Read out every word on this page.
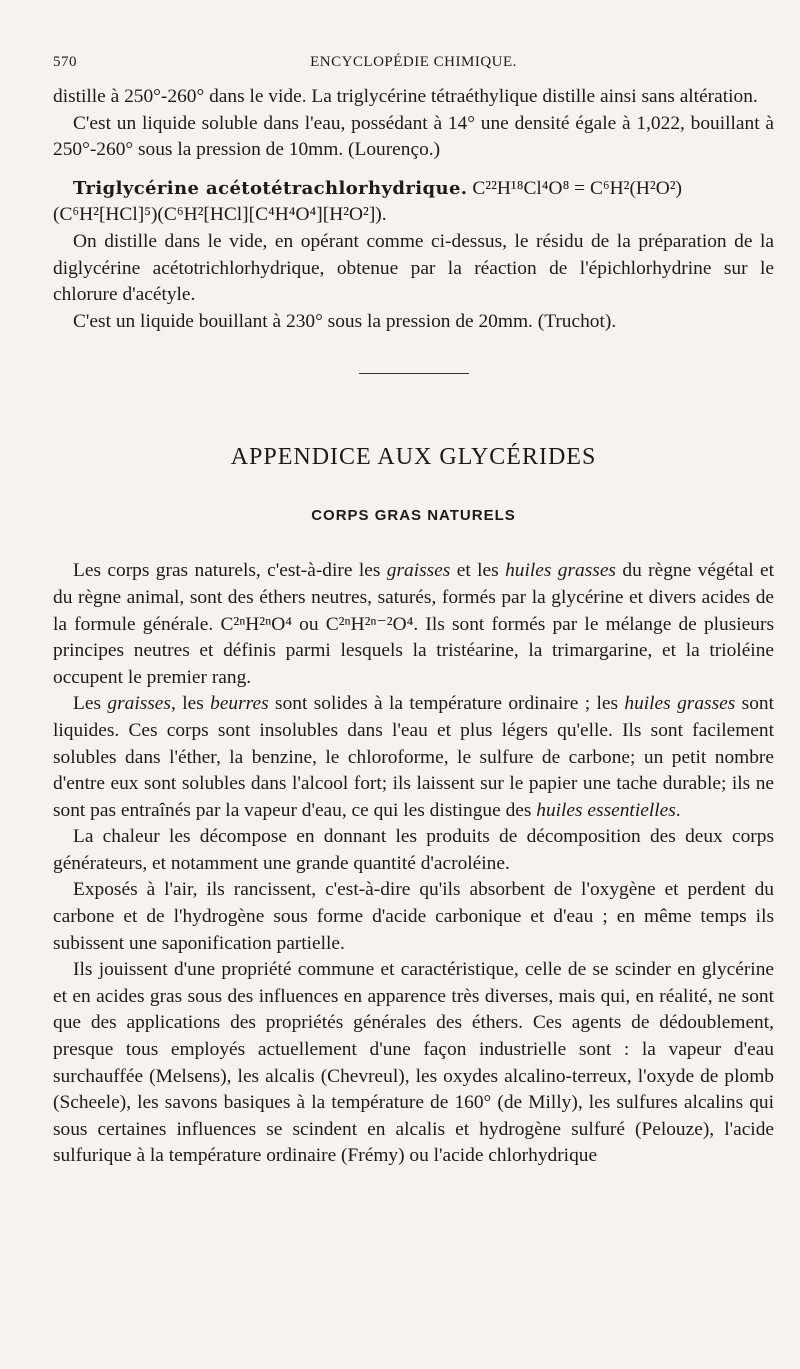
570	ENCYCLOPÉDIE CHIMIQUE.

distille à 250°-260° dans le vide. La triglycérine tétraéthylique distille ainsi sans altération.

C'est un liquide soluble dans l'eau, possédant à 14° une densité égale à 1,022, bouillant à 250°-260° sous la pression de 10mm. (Lourenço.)

Triglycérine acétotétrachlorhydrique. C²²H¹⁸Cl⁴O⁸ = C⁶H²(H²O²)

(C⁶H²[HCl]⁵)(C⁶H²[HCl][C⁴H⁴O⁴][H²O²]).

On distille dans le vide, en opérant comme ci-dessus, le résidu de la préparation de la diglycérine acétotrichlorhydrique, obtenue par la réaction de l'épichlorhydrine sur le chlorure d'acétyle.

C'est un liquide bouillant à 230° sous la pression de 20mm. (Truchot).

APPENDICE AUX GLYCÉRIDES
CORPS GRAS NATURELS

Les corps gras naturels, c'est-à-dire les graisses et les huiles grasses du règne végétal et du règne animal, sont des éthers neutres, saturés, formés par la glycérine et divers acides de la formule générale. C²ⁿH²ⁿO⁴ ou C²ⁿH²ⁿ⁻²O⁴. Ils sont formés par le mélange de plusieurs principes neutres et définis parmi lesquels la tristéarine, la trimargarine, et la trioléine occupent le premier rang.

Les graisses, les beurres sont solides à la température ordinaire ; les huiles grasses sont liquides. Ces corps sont insolubles dans l'eau et plus légers qu'elle. Ils sont facilement solubles dans l'éther, la benzine, le chloroforme, le sulfure de carbone; un petit nombre d'entre eux sont solubles dans l'alcool fort; ils laissent sur le papier une tache durable; ils ne sont pas entraînés par la vapeur d'eau, ce qui les distingue des huiles essentielles.

La chaleur les décompose en donnant les produits de décomposition des deux corps générateurs, et notamment une grande quantité d'acroléine.

Exposés à l'air, ils rancissent, c'est-à-dire qu'ils absorbent de l'oxygène et perdent du carbone et de l'hydrogène sous forme d'acide carbonique et d'eau ; en même temps ils subissent une saponification partielle.

Ils jouissent d'une propriété commune et caractéristique, celle de se scinder en glycérine et en acides gras sous des influences en apparence très diverses, mais qui, en réalité, ne sont que des applications des propriétés générales des éthers. Ces agents de dédoublement, presque tous employés actuellement d'une façon industrielle sont : la vapeur d'eau surchauffée (Melsens), les alcalis (Chevreul), les oxydes alcalino-terreux, l'oxyde de plomb (Scheele), les savons basiques à la température de 160° (de Milly), les sulfures alcalins qui sous certaines influences se scindent en alcalis et hydrogène sulfuré (Pelouze), l'acide sulfurique à la température ordinaire (Frémy) ou l'acide chlorhydrique
